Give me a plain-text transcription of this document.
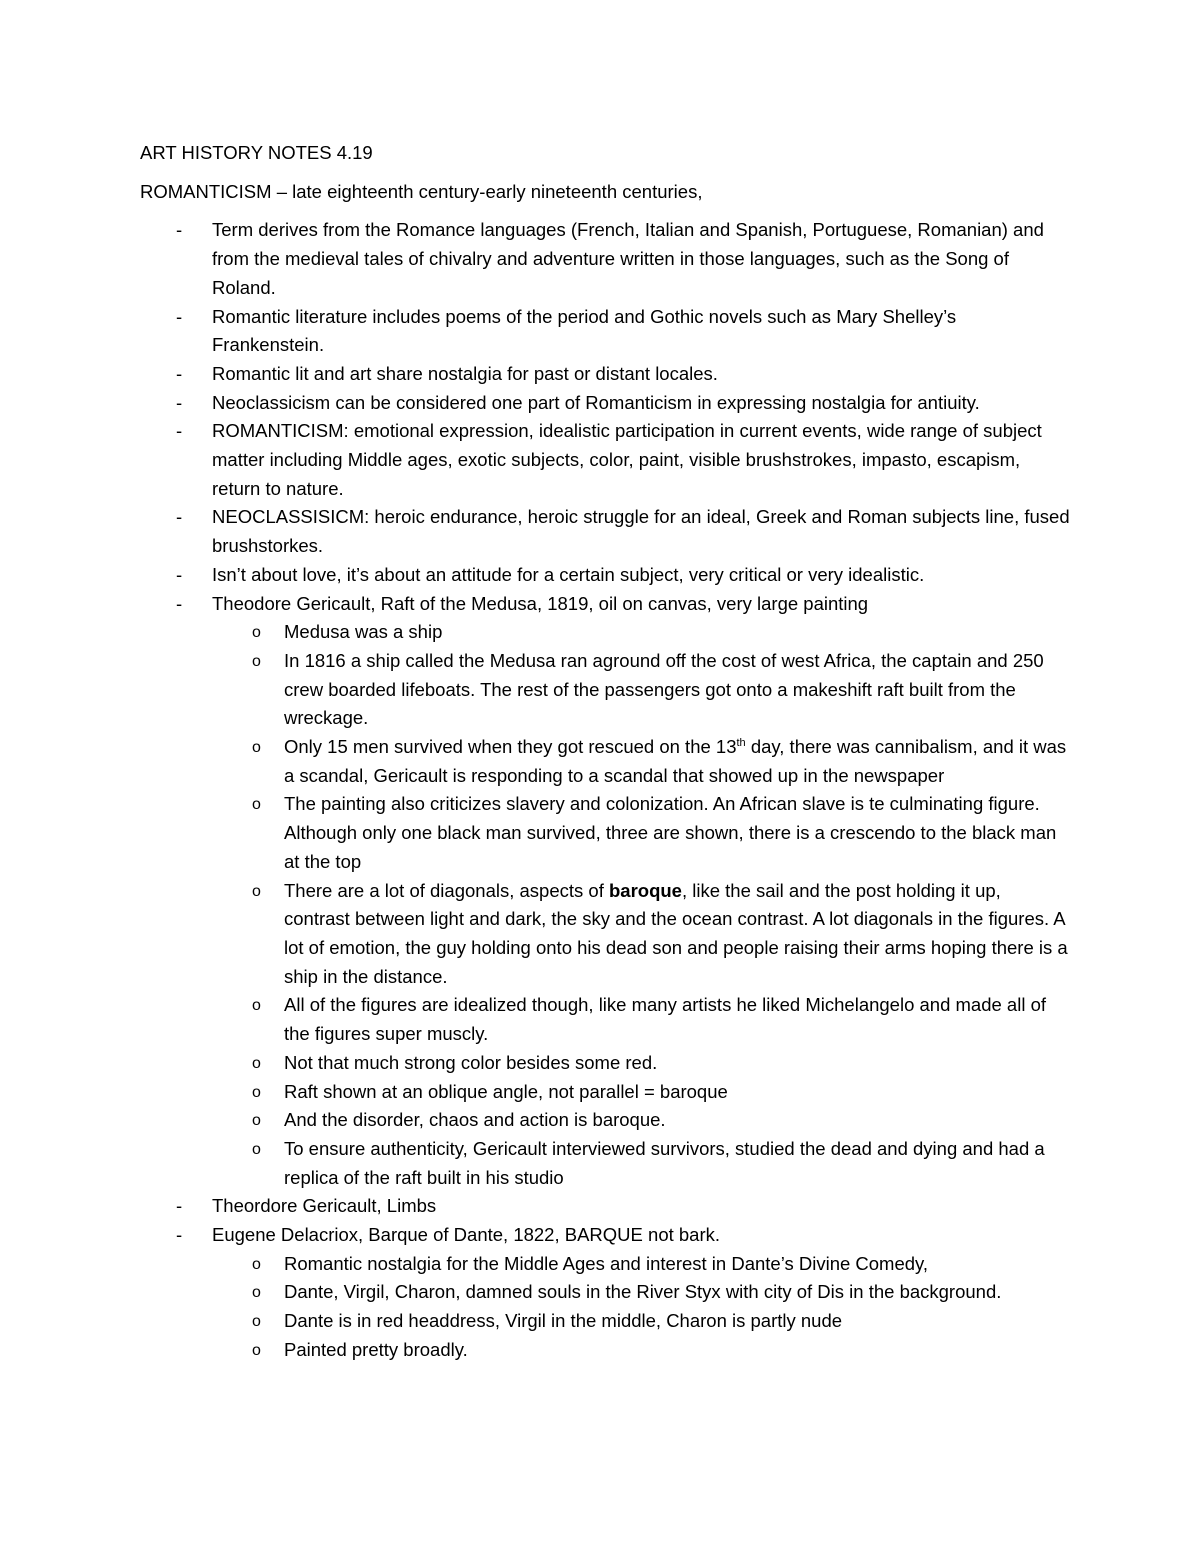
ART HISTORY NOTES 4.19

ROMANTICISM – late eighteenth century-early nineteenth centuries,

- Term derives from the Romance languages (French, Italian and Spanish, Portuguese, Romanian) and from the medieval tales of chivalry and adventure written in those languages, such as the Song of Roland.
- Romantic literature includes poems of the period and Gothic novels such as Mary Shelley’s Frankenstein.
- Romantic lit and art share nostalgia for past or distant locales.
- Neoclassicism can be considered one part of Romanticism in expressing nostalgia for antiuity.
- ROMANTICISM: emotional expression, idealistic participation in current events, wide range of subject matter including Middle ages, exotic subjects, color, paint, visible brushstrokes, impasto, escapism, return to nature.
- NEOCLASSISICM: heroic endurance, heroic struggle for an ideal, Greek and Roman subjects line, fused brushstorkes.
- Isn’t about love, it’s about an attitude for a certain subject, very critical or very idealistic.
- Theodore Gericault, Raft of the Medusa, 1819, oil on canvas, very large painting
o Medusa was a ship
o In 1816 a ship called the Medusa ran aground off the cost of west Africa, the captain and 250 crew boarded lifeboats. The rest of the passengers got onto a makeshift raft built from the wreckage.
o Only 15 men survived when they got rescued on the 13th day, there was cannibalism, and it was a scandal, Gericault is responding to a scandal that showed up in the newspaper
o The painting also criticizes slavery and colonization. An African slave is te culminating figure. Although only one black man survived, three are shown, there is a crescendo to the black man at the top
o There are a lot of diagonals, aspects of baroque, like the sail and the post holding it up, contrast between light and dark, the sky and the ocean contrast. A lot diagonals in the figures. A lot of emotion, the guy holding onto his dead son and people raising their arms hoping there is a ship in the distance.
o All of the figures are idealized though, like many artists he liked Michelangelo and made all of the figures super muscly.
o Not that much strong color besides some red.
o Raft shown at an oblique angle, not parallel = baroque
o And the disorder, chaos and action is baroque.
o To ensure authenticity, Gericault interviewed survivors, studied the dead and dying and had a replica of the raft built in his studio
- Theordore Gericault, Limbs
- Eugene Delacriox, Barque of Dante, 1822, BARQUE not bark.
o Romantic nostalgia for the Middle Ages and interest in Dante’s Divine Comedy,
o Dante, Virgil, Charon, damned souls in the River Styx with city of Dis in the background.
o Dante is in red headdress, Virgil in the middle, Charon is partly nude
o Painted pretty broadly.
